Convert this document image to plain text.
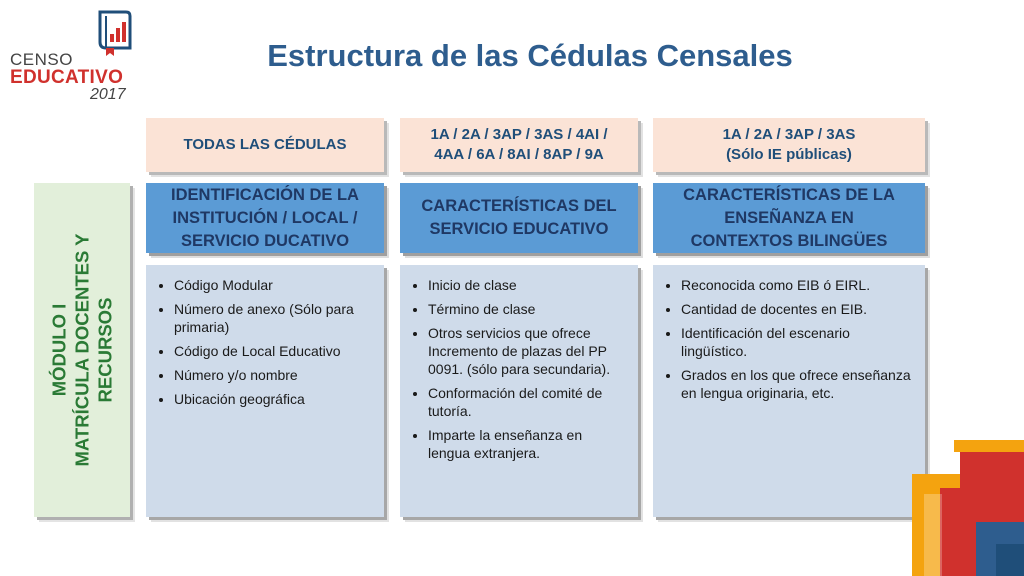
CENSO
EDUCATIVO
2017
Estructura de las Cédulas Censales
MÓDULO I MATRÍCULA DOCENTES Y RECURSOS
TODAS LAS CÉDULAS
IDENTIFICACIÓN DE LA
INSTITUCIÓN / LOCAL /
SERVICIO DUCATIVO
• Código Modular
• Número de anexo (Sólo para primaria)
• Código de Local Educativo
• Número y/o nombre
• Ubicación geográfica
1A / 2A / 3AP / 3AS / 4AI /
4AA / 6A / 8AI / 8AP / 9A
CARACTERÍSTICAS DEL
SERVICIO EDUCATIVO
• Inicio de clase
• Término de clase
• Otros servicios que ofrece Incremento de plazas del PP 0091. (sólo para secundaria).
• Conformación del comité de tutoría.
• Imparte la enseñanza en lengua extranjera.
1A / 2A / 3AP / 3AS
(Sólo IE públicas)
CARACTERÍSTICAS DE LA
ENSEÑANZA EN
CONTEXTOS BILINGÜES
• Reconocida como EIB ó EIRL.
• Cantidad de docentes en EIB.
• Identificación del escenario lingüístico.
• Grados en los que ofrece enseñanza en lengua originaria, etc.
